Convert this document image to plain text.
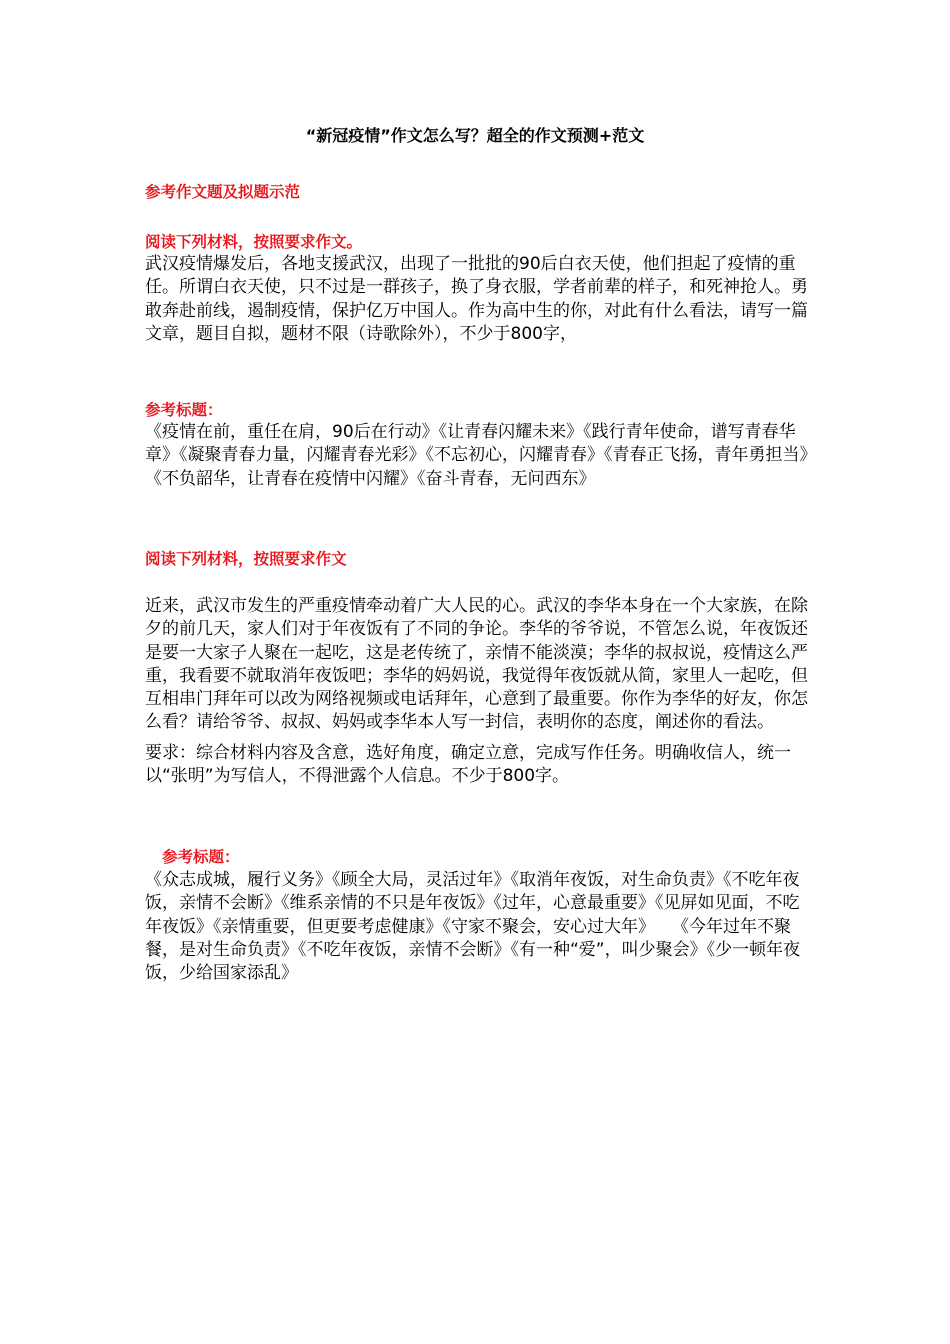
“新冠疫情”作文怎么写？超全的作文预测+范文
参考作文题及拟题示范
阅读下列材料，按照要求作文。
武汉疫情爆发后，各地支援武汉，出现了一批批的90后白衣天使，他们担起了疫情的重任。所谓白衣天使，只不过是一群孩子，换了身衣服，学者前辈的样子，和死神抢人。勇敢奔赴前线，遏制疫情，保护亿万中国人。作为高中生的你，对此有什么看法，请写一篇文章，题目自拟，题材不限（诗歌除外），不少于800字，
参考标题：
《疫情在前，重任在肩，90后在行动》《让青春闪耀未来》《践行青年使命，谱写青春华章》《凝聚青春力量，闪耀青春光彩》《不忘初心，闪耀青春》《青春正飞扬，青年勇担当》《不负韶华，让青春在疫情中闪耀》《奋斗青春，无问西东》
阅读下列材料，按照要求作文
近来，武汉市发生的严重疫情牵动着广大人民的心。武汉的李华本身在一个大家族，在除夕的前几天，家人们对于年夜饭有了不同的争论。李华的爷爷说，不管怎么说，年夜饭还是要一大家子人聚在一起吃，这是老传统了，亲情不能淡漠；李华的叔叔说，疫情这么严重，我看要不就取消年夜饭吧；李华的妈妈说，我觉得年夜饭就从简，家里人一起吃，但互相串门拜年可以改为网络视频或电话拜年，心意到了最重要。你作为李华的好友，你怎么看？请给爷爷、叔叔、妈妈或李华本人写一封信，表明你的态度，阐述你的看法。
要求：综合材料内容及含意，选好角度，确定立意，完成写作任务。明确收信人，统一以“张明”为写信人，不得泄露个人信息。不少于800字。
参考标题：
《众志成城，履行义务》《顾全大局，灵活过年》《取消年夜饭，对生命负责》《不吃年夜饭，亲情不会断》《维系亲情的不只是年夜饭》《过年，心意最重要》《见屏如见面，不吃年夜饭》《亲情重要，但更要考虑健康》《守家不聚会，安心过大年》　　《今年过年不聚餐，是对生命负责》《不吃年夜饭，亲情不会断》《有一种“爱”，叫少聚会》《少一顿年夜饭，少给国家添乱》
